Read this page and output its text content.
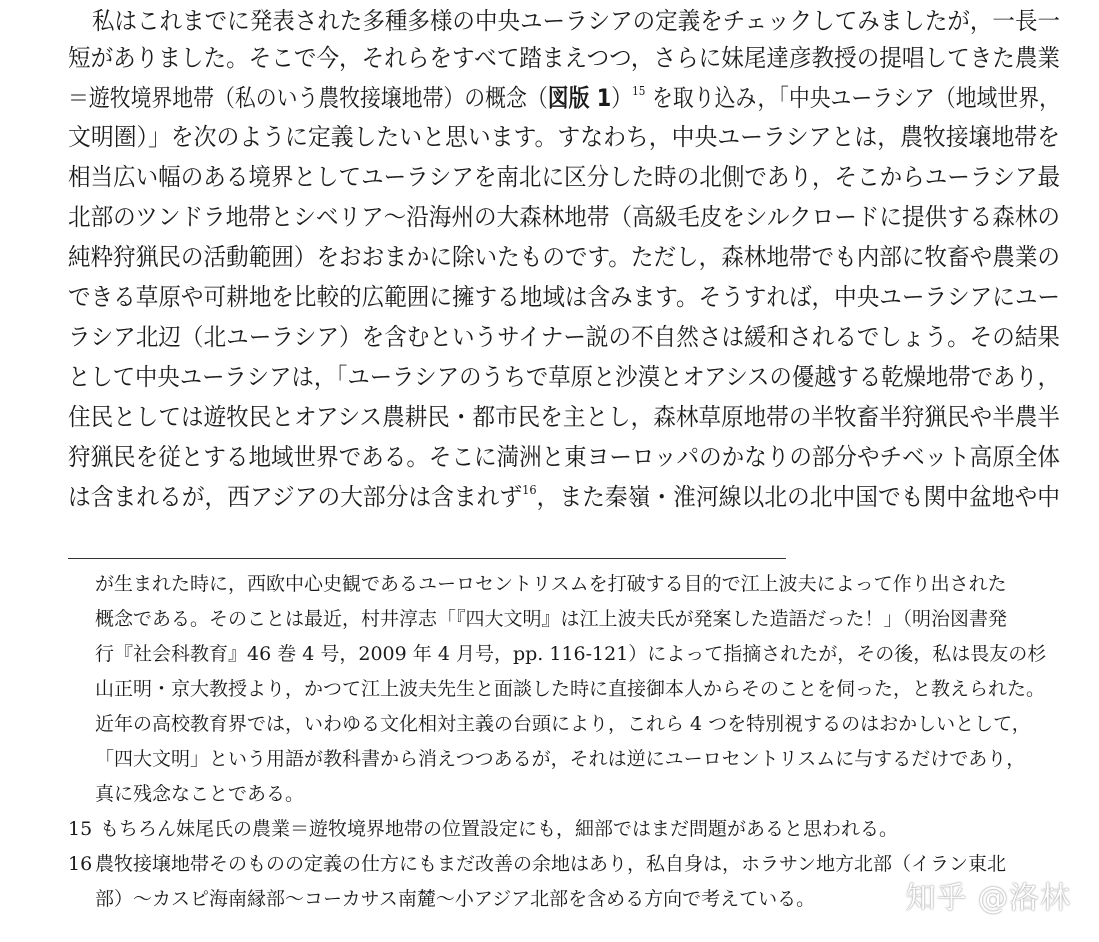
私はこれまでに発表された多種多様の中央ユーラシアの定義をチェックしてみましたが，一長一
短がありました。そこで今，それらをすべて踏まえつつ，さらに妹尾達彦教授の提唱してきた農業
＝遊牧境界地帯（私のいう農牧接壌地帯）の概念（図版 1）$^{15}$ を取り込み，「中央ユーラシア（地域世界，
文明圏）」を次のように定義したいと思います。すなわち，中央ユーラシアとは，農牧接壌地帯を
相当広い幅のある境界としてユーラシアを南北に区分した時の北側であり，そこからユーラシア最
北部のツンドラ地帯とシベリア〜沿海州の大森林地帯（高級毛皮をシルクロードに提供する森林の
純粋狩猟民の活動範囲）をおおまかに除いたものです。ただし，森林地帯でも内部に牧畜や農業の
できる草原や可耕地を比較的広範囲に擁する地域は含みます。そうすれば，中央ユーラシアにユー
ラシア北辺（北ユーラシア）を含むというサイナー説の不自然さは緩和されるでしょう。その結果
として中央ユーラシアは，「ユーラシアのうちで草原と沙漠とオアシスの優越する乾燥地帯であり，
住民としては遊牧民とオアシス農耕民・都市民を主とし，森林草原地帯の半牧畜半狩猟民や半農半
狩猟民を従とする地域世界である。そこに満洲と東ヨーロッパのかなりの部分やチベット高原全体
は含まれるが，西アジアの大部分は含まれず$^{16}$，また秦嶺・淮河線以北の北中国でも関中盆地や中
が生まれた時に，西欧中心史観であるユーロセントリスムを打破する目的で江上波夫によって作り出された
概念である。そのことは最近，村井淳志「『四大文明』は江上波夫氏が発案した造語だった！」（明治図書発
行『社会科教育』46 巻 4 号，2009 年 4 月号，pp. 116-121）によって指摘されたが，その後，私は畏友の杉
山正明・京大教授より，かつて江上波夫先生と面談した時に直接御本人からそのことを伺った，と教えられた。
近年の高校教育界では，いわゆる文化相対主義の台頭により，これら 4 つを特別視するのはおかしいとして，
「四大文明」という用語が教科書から消えつつあるが，それは逆にユーロセントリスムに与するだけであり，
真に残念なことである。
15 もちろん妹尾氏の農業＝遊牧境界地帯の位置設定にも，細部ではまだ問題があると思われる。
16 農牧接壌地帯そのものの定義の仕方にもまだ改善の余地はあり，私自身は，ホラサン地方北部（イラン東北
部）〜カスピ海南縁部〜コーカサス南麓〜小アジア北部を含める方向で考えている。	知乎 @洛林
